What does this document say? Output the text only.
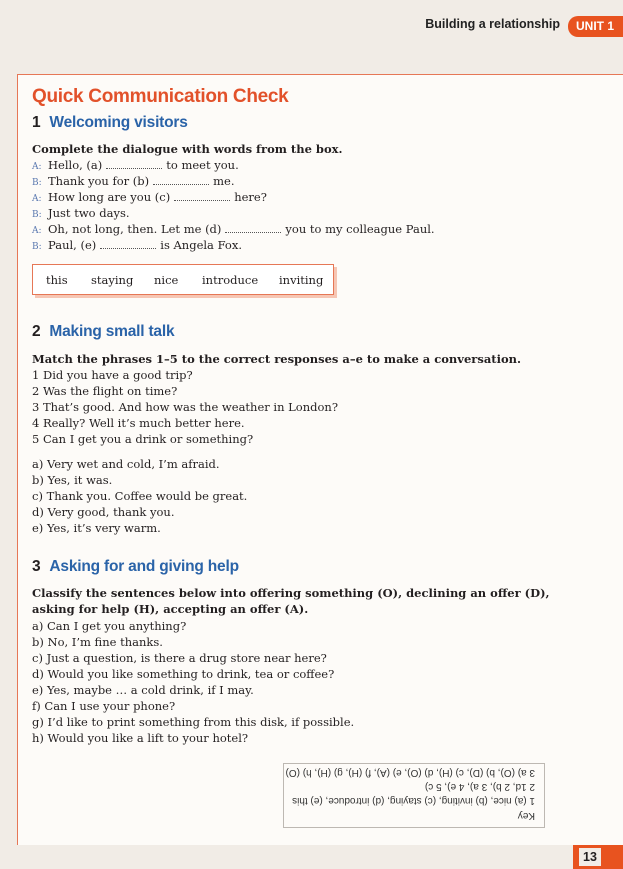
Building a relationship	UNIT 1
Quick Communication Check
1 Welcoming visitors
Complete the dialogue with words from the box.
A: Hello, (a)	to meet you.
B: Thank you for (b)	me.
A: How long are you (c)	here?
B: Just two days.
A: Oh, not long, then. Let me (d)	you to my colleague Paul.
B: Paul, (e)	is Angela Fox.
this staying nice introduce inviting
2 Making small talk
Match the phrases 1–5 to the correct responses a–e to make a conversation.
1 Did you have a good trip?
2 Was the flight on time?
3 That’s good. And how was the weather in London?
4 Really? Well it’s much better here.
5 Can I get you a drink or something?
a) Very wet and cold, I’m afraid.
b) Yes, it was.
c) Thank you. Coffee would be great.
d) Very good, thank you.
e) Yes, it’s very warm.
3 Asking for and giving help
Classify the sentences below into offering something (O), declining an offer (D),
asking for help (H), accepting an offer (A).
a) Can I get you anything?
b) No, I’m fine thanks.
c) Just a question, is there a drug store near here?
d) Would you like something to drink, tea or coffee?
e) Yes, maybe … a cold drink, if I may.
f) Can I use your phone?
g) I’d like to print something from this disk, if possible.
h) Would you like a lift to your hotel?
Key
1 (a) nice, (b) inviting, (c) staying, (d) introduce, (e) this
2 1d, 2 b), 3 a), 4 e), 5 c)
3 a) (O), b) (D), c) (H), d) (O), e) (A), f) (H), g) (H), h) (O)
13
